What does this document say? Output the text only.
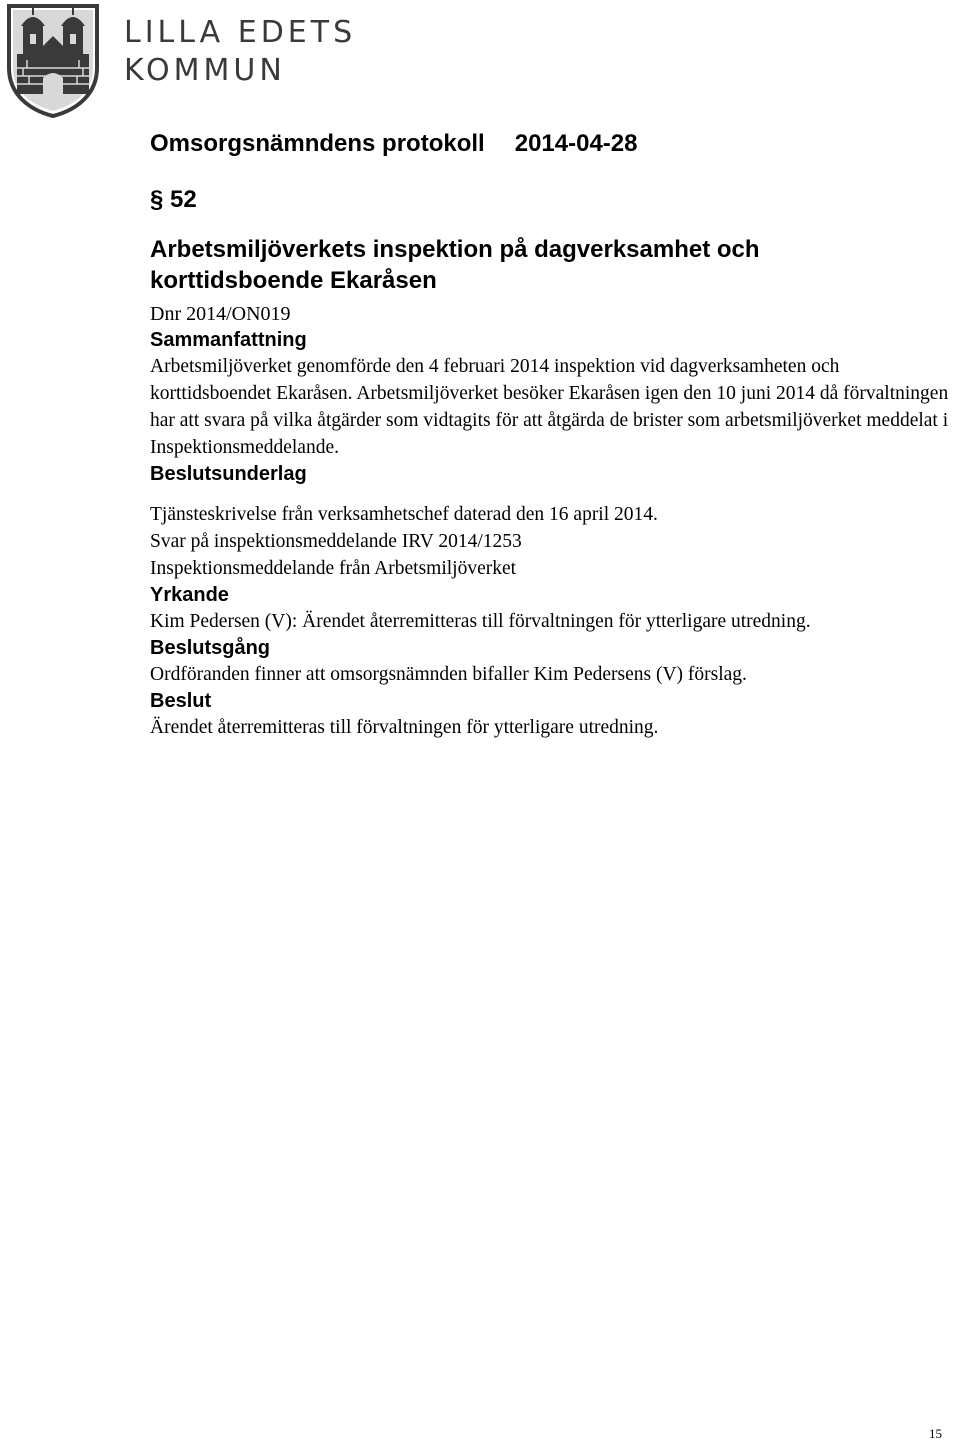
LILLA EDETS
KOMMUN
Omsorgsnämndens protokoll 2014-04-28
§ 52
Arbetsmiljöverkets inspektion på dagverksamhet och
korttidsboende Ekaråsen
Dnr 2014/ON019
Sammanfattning

Arbetsmiljöverket genomförde den 4 februari 2014 inspektion vid dagverksamheten och korttidsboendet Ekaråsen. Arbetsmiljöverket besöker Ekaråsen igen den 10 juni 2014 då förvaltningen har att svara på vilka åtgärder som vidtagits för att åtgärda de brister som arbetsmiljöverket meddelat i Inspektionsmeddelande.

Beslutsunderlag

Tjänsteskrivelse från verksamhetschef daterad den 16 april 2014.

Svar på inspektionsmeddelande IRV 2014/1253

Inspektionsmeddelande från Arbetsmiljöverket

Yrkande

Kim Pedersen (V): Ärendet återremitteras till förvaltningen för ytterligare utredning.

Beslutsgång

Ordföranden finner att omsorgsnämnden bifaller Kim Pedersens (V) förslag.

Beslut

Ärendet återremitteras till förvaltningen för ytterligare utredning.

15
